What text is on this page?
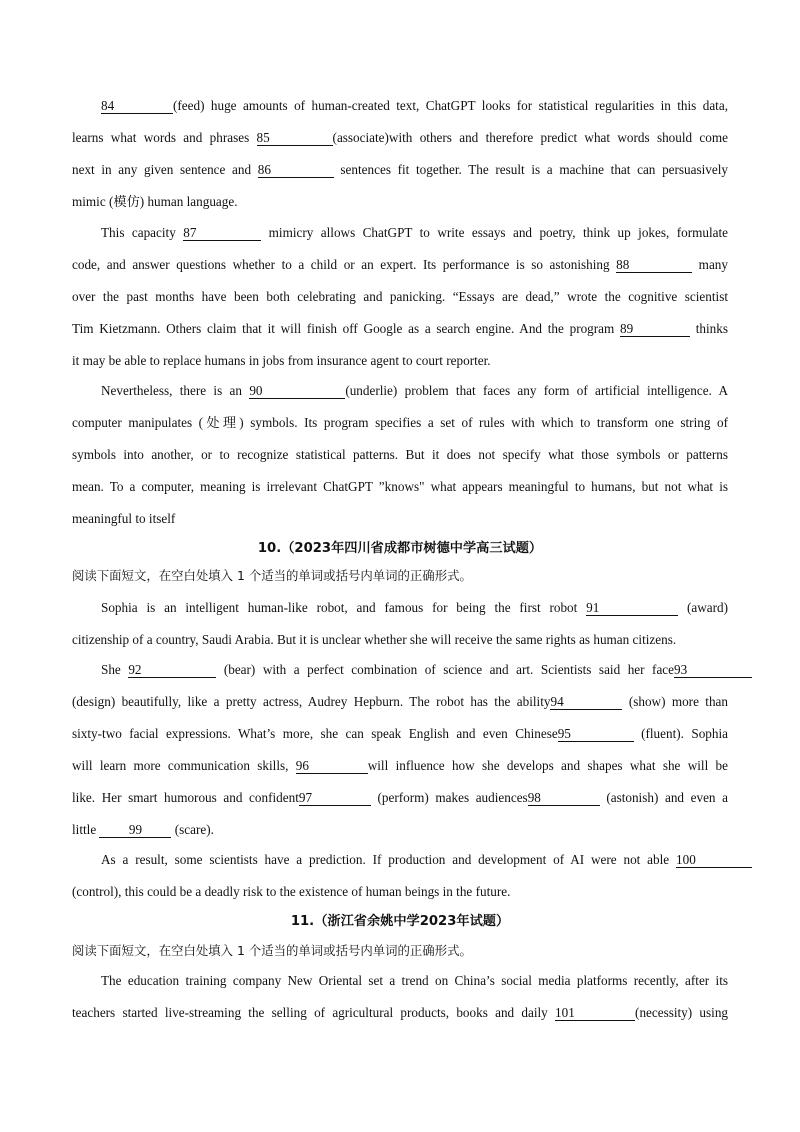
84	(feed) huge amounts of human-created text, ChatGPT looks for statistical regularities in this data,
learns what words and phrases 85	(associate)with others and therefore predict what words should come
next in any given sentence and 86	sentences fit together. The result is a machine that can persuasively
mimic (模仿) human language.
This capacity 87	mimicry allows ChatGPT to write essays and poetry, think up jokes, formulate
code, and answer questions whether to a child or an expert. Its performance is so astonishing 88	many
over the past months have been both celebrating and panicking. “Essays are dead,” wrote the cognitive scientist
Tim Kietzmann. Others claim that it will finish off Google as a search engine. And the program 89	thinks
it may be able to replace humans in jobs from insurance agent to court reporter.
Nevertheless, there is an 90	(underlie) problem that faces any form of artificial intelligence. A
computer manipulates (处理) symbols. Its program specifies a set of rules with which to transform one string of
symbols into another, or to recognize statistical patterns. But it does not specify what those symbols or patterns
mean. To a computer, meaning is irrelevant ChatGPT ”knows" what appears meaningful to humans, but not what is
meaningful to itself
10.（2023年四川省成都市树德中学高三试题）
阅读下面短文，在空白处填入 1 个适当的单词或括号内单词的正确形式。
Sophia is an intelligent human-like robot, and famous for being the first robot 91	(award)
citizenship of a country, Saudi Arabia. But it is unclear whether she will receive the same rights as human citizens.
She 92	(bear) with a perfect combination of science and art. Scientists said her face93
(design) beautifully, like a pretty actress, Audrey Hepburn. The robot has the ability94	(show) more than
sixty-two facial expressions. What’s more, she can speak English and even Chinese95	(fluent). Sophia
will learn more communication skills, 96	will influence how she develops and shapes what she will be
like. Her smart humorous and confident97	(perform) makes audiences98	(astonish) and even a
little 99 (scare).
As a result, some scientists have a prediction. If production and development of AI were not able 100
(control), this could be a deadly risk to the existence of human beings in the future.
11.（浙江省余姚中学2023年试题）
阅读下面短文，在空白处填入 1 个适当的单词或括号内单词的正确形式。
The education training company New Oriental set a trend on China’s social media platforms recently, after its
teachers started live-streaming the selling of agricultural products, books and daily 101	(necessity) using
